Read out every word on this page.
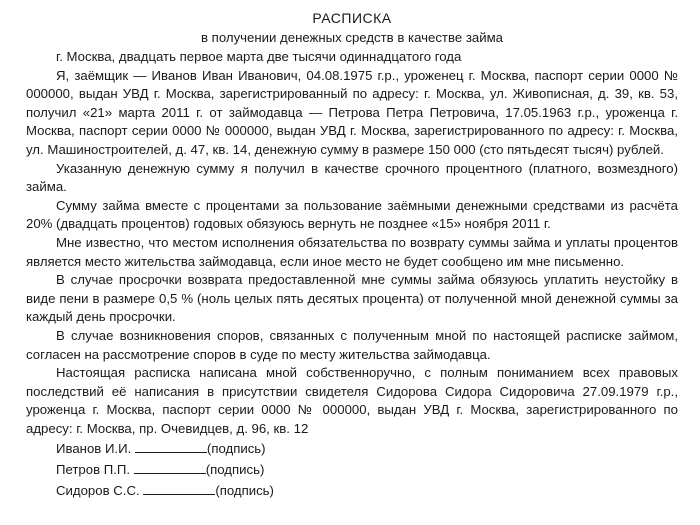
РАСПИСКА

в получении денежных средств в качестве займа

г. Москва, двадцать первое марта две тысячи одиннадцатого года

Я, заёмщик — Иванов Иван Иванович, 04.08.1975 г.р., уроженец г. Москва, паспорт серии 0000 № 000000, выдан УВД г. Москва, зарегистрированный по адресу: г. Москва, ул. Живописная, д. 39, кв. 53, получил «21» марта 2011 г. от займодавца — Петрова Петра Петровича, 17.05.1963 г.р., уроженца г. Москва, паспорт серии 0000 № 000000, выдан УВД г. Москва, зарегистрированного по адресу: г. Москва, ул. Машиностроителей, д. 47, кв. 14, денежную сумму в размере 150 000 (сто пятьдесят тысяч) рублей.

Указанную денежную сумму я получил в качестве срочного процентного (платного, возмездного) займа.

Сумму займа вместе с процентами за пользование заёмными денежными средствами из расчёта 20% (двадцать процентов) годовых обязуюсь вернуть не позднее «15» ноября 2011 г.

Мне известно, что местом исполнения обязательства по возврату суммы займа и уплаты процентов является место жительства займодавца, если иное место не будет сообщено им мне письменно.

В случае просрочки возврата предоставленной мне суммы займа обязуюсь уплатить неустойку в виде пени в размере 0,5 % (ноль целых пять десятых процента) от полученной мной денежной суммы за каждый день просрочки.

В случае возникновения споров, связанных с полученным мной по настоящей расписке займом, согласен на рассмотрение споров в суде по месту жительства займодавца.

Настоящая расписка написана мной собственноручно, с полным пониманием всех правовых последствий её написания в присутствии свидетеля Сидорова Сидора Сидоровича 27.09.1979 г.р., уроженца г. Москва, паспорт серии 0000 № 000000, выдан УВД г. Москва, зарегистрированного по адресу: г. Москва, пр. Очевидцев, д. 96, кв. 12

Иванов И.И.	(подпись)
Петров П.П.	(подпись)
Сидоров С.С.	(подпись)
